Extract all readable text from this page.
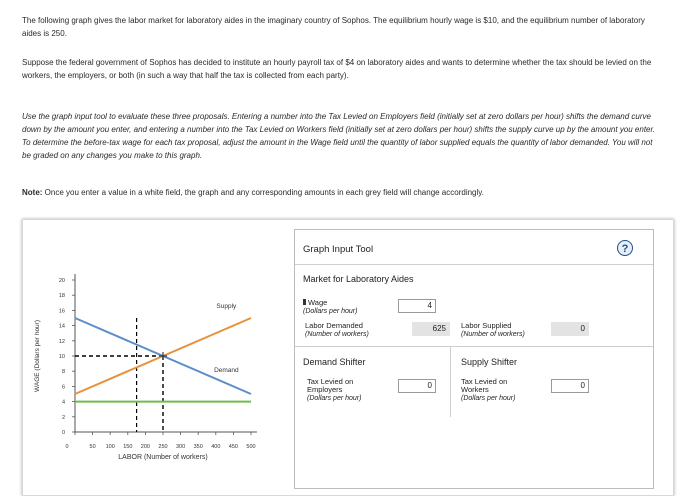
The following graph gives the labor market for laboratory aides in the imaginary country of Sophos. The equilibrium hourly wage is $10, and the equilibrium number of laboratory aides is 250.
Suppose the federal government of Sophos has decided to institute an hourly payroll tax of $4 on laboratory aides and wants to determine whether the tax should be levied on the workers, the employers, or both (in such a way that half the tax is collected from each party).
Use the graph input tool to evaluate these three proposals. Entering a number into the Tax Levied on Employers field (initially set at zero dollars per hour) shifts the demand curve down by the amount you enter, and entering a number into the Tax Levied on Workers field (initially set at zero dollars per hour) shifts the supply curve up by the amount you enter. To determine the before-tax wage for each tax proposal, adjust the amount in the Wage field until the quantity of labor supplied equals the quantity of labor demanded. You will not be graded on any changes you make to this graph.
Note: Once you enter a value in a white field, the graph and any corresponding amounts in each grey field will change accordingly.
0
2
4
6
8
10
12
14
16
18
20
0	50 100 150 200 250 300 350 400 450 500
LABOR (Number of workers)
WAGE (Dollars per hour)
Supply
Demand
Graph Input Tool	?
Market for Laboratory Aides
Wage
(Dollars per hour)
4
Labor Demanded
(Number of workers)
625	Labor Supplied
(Number of workers)
0
Demand Shifter
Tax Levied on
Employers
(Dollars per hour)
0
Supply Shifter
Tax Levied on
Workers
(Dollars per hour)
0
